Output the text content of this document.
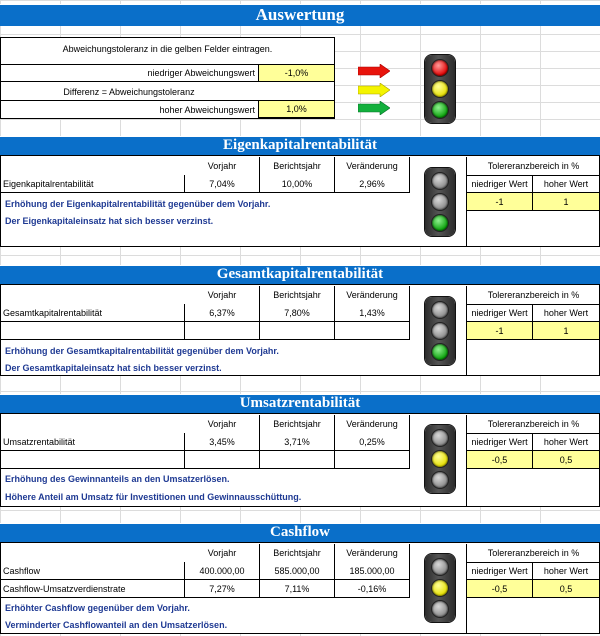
Auswertung
Abweichungstoleranz in die gelben Felder eintragen.
niedriger Abweichungswert	-1,0%
Differenz = Abweichungstoleranz
hoher Abweichungswert	1,0%
Eigenkapitalrentabilität
Vorjahr	Berichtsjahr	Veränderung
Eigenkapitalrentabilität	7,04%	10,00%	2,96%
Tolereranzbereich in %
niedriger Wert	hoher Wert
-1	1
Erhöhung der Eigenkapitalrentabilität gegenüber dem Vorjahr.
Der Eigenkapitaleinsatz hat sich besser verzinst.
Gesamtkapitalrentabilität
Vorjahr	Berichtsjahr	Veränderung
Gesamtkapitalrentabilität	6,37%	7,80%	1,43%
Tolereranzbereich in %
niedriger Wert	hoher Wert
-1	1
Erhöhung der Gesamtkapitalrentabilität gegenüber dem Vorjahr.
Der Gesamtkapitaleinsatz hat sich besser verzinst.
Umsatzrentabilität
Vorjahr	Berichtsjahr	Veränderung
Umsatzrentabilität	3,45%	3,71%	0,25%
Tolereranzbereich in %
niedriger Wert	hoher Wert
-0,5	0,5
Erhöhung des Gewinnanteils an den Umsatzerlösen.
Höhere Anteil am Umsatz für Investitionen und Gewinnausschüttung.
Cashflow
Vorjahr	Berichtsjahr	Veränderung
Cashflow	400.000,00	585.000,00	185.000,00
Cashflow-Umsatzverdienstrate	7,27%	7,11%	-0,16%
Tolereranzbereich in %
niedriger Wert	hoher Wert
-0,5	0,5
Erhöhter Cashflow gegenüber dem Vorjahr.
Verminderter Cashflowanteil an den Umsatzerlösen.
